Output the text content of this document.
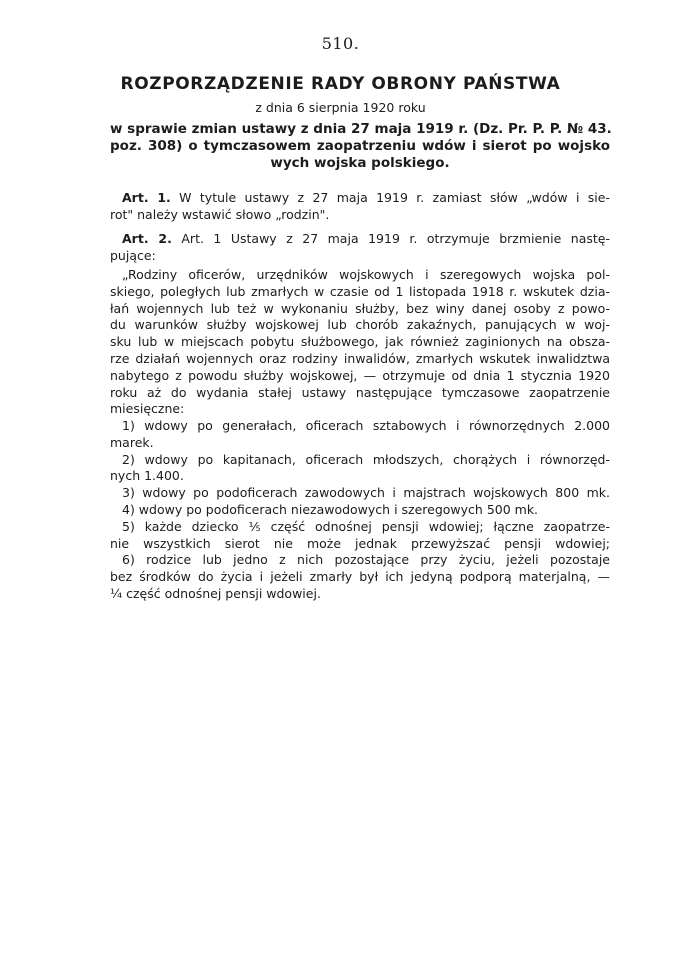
510.
ROZPORZĄDZENIE RADY OBRONY PAŃSTWA
z dnia 6 sierpnia 1920 roku
w sprawie zmian ustawy z dnia 27 maja 1919 r. (Dz. Pr. P. P. № 43.
poz. 308) o tymczasowem zaopatrzeniu wdów i sierot po wojsko
wych wojska polskiego.
Art. 1. W tytule ustawy z 27 maja 1919 r. zamiast słów „wdów i sie-
rot" należy wstawić słowo „rodzin".
Art. 2. Art. 1 Ustawy z 27 maja 1919 r. otrzymuje brzmienie nastę-
pujące:
„Rodziny oficerów, urzędników wojskowych i szeregowych wojska pol-
skiego, poległych lub zmarłych w czasie od 1 listopada 1918 r. wskutek dzia-
łań wojennych lub też w wykonaniu służby, bez winy danej osoby z powo-
du warunków służby wojskowej lub chorób zakaźnych, panujących w woj-
sku lub w miejscach pobytu służbowego, jak również zaginionych na obsza-
rze działań wojennych oraz rodziny inwalidów, zmarłych wskutek inwalidztwa
nabytego z powodu służby wojskowej, — otrzymuje od dnia 1 stycznia 1920
roku aż do wydania stałej ustawy następujące tymczasowe zaopatrzenie
miesięczne:
1) wdowy po generałach, oficerach sztabowych i równorzędnych 2.000
marek.
2) wdowy po kapitanach, oficerach młodszych, chorążych i równorzęd-
nych 1.400.
3) wdowy po podoficerach zawodowych i majstrach wojskowych 800 mk.
4) wdowy po podoficerach niezawodowych i szeregowych 500 mk.
5) każde dziecko ⅕ część odnośnej pensji wdowiej; łączne zaopatrze-
nie wszystkich sierot nie może jednak przewyższać pensji wdowiej;
6) rodzice lub jedno z nich pozostające przy życiu, jeżeli pozostaje
bez środków do życia i jeżeli zmarły był ich jedyną podporą materjalną, —
¼ część odnośnej pensji wdowiej.
